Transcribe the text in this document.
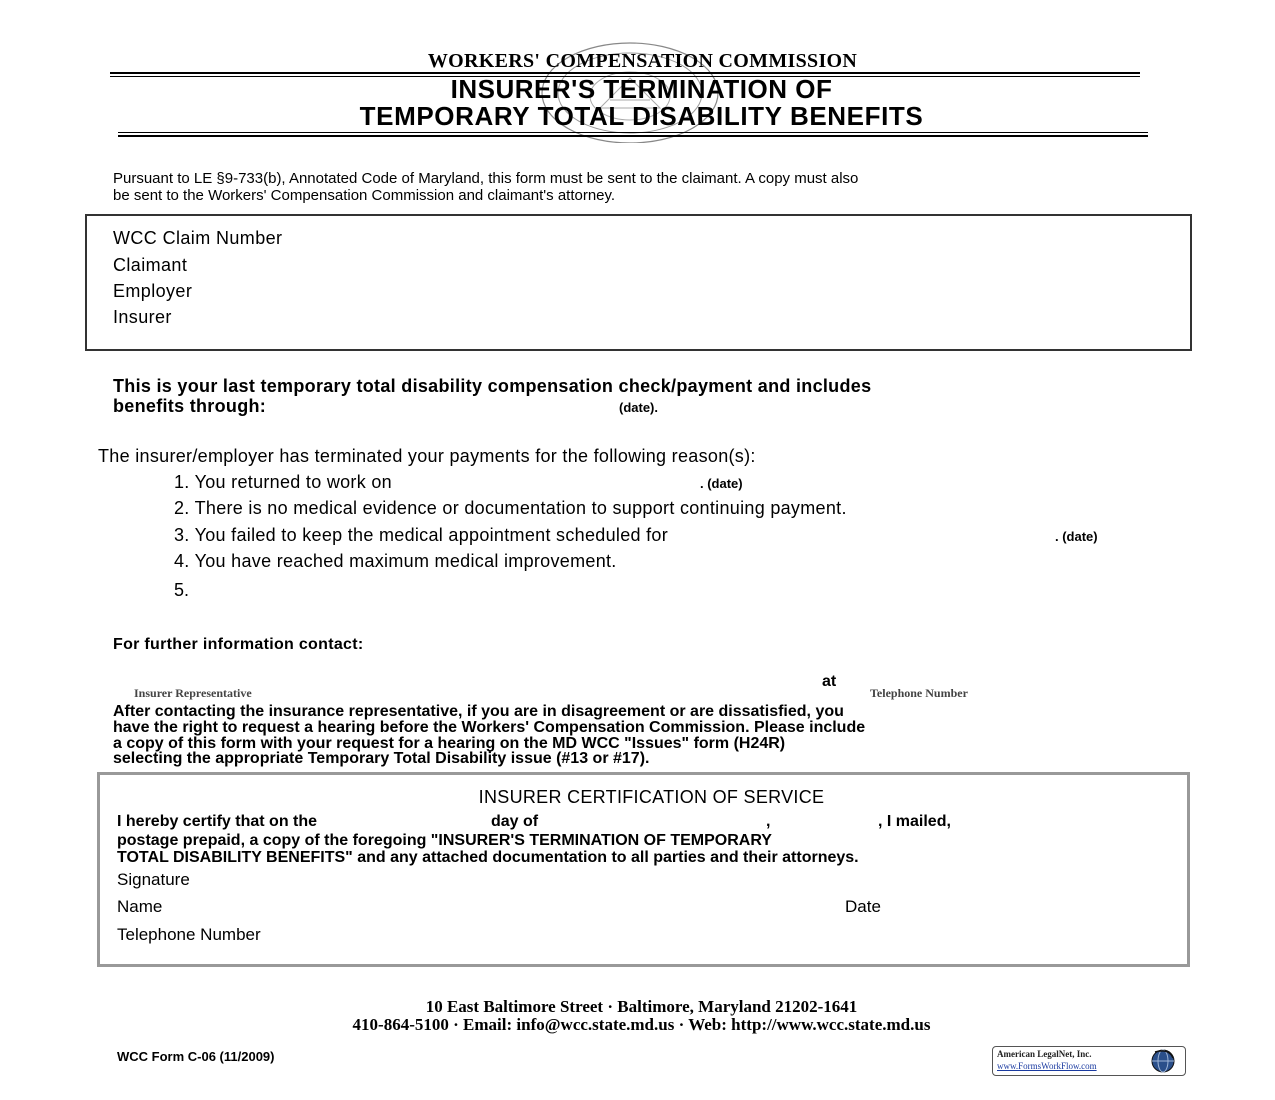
WORKERS' COMPENSATION COMMISSION
INSURER'S TERMINATION OF
TEMPORARY TOTAL DISABILITY BENEFITS
Pursuant to LE §9-733(b), Annotated Code of Maryland, this form must be sent to the claimant. A copy must also
be sent to the Workers' Compensation Commission and claimant's attorney.
WCC Claim Number
Claimant
Employer
Insurer
This is your last temporary total disability compensation check/payment and includes
benefits through:	(date).
The insurer/employer has terminated your payments for the following reason(s):
1. You returned to work on	. (date)
2. There is no medical evidence or documentation to support continuing payment.
3. You failed to keep the medical appointment scheduled for	. (date)
4. You have reached maximum medical improvement.
5.
For further information contact:
at
Insurer Representative	Telephone Number
After contacting the insurance representative, if you are in disagreement or are dissatisfied, you
have the right to request a hearing before the Workers' Compensation Commission. Please include
a copy of this form with your request for a hearing on the MD WCC "Issues" form (H24R)
selecting the appropriate Temporary Total Disability issue (#13 or #17).
INSURER CERTIFICATION OF SERVICE
I hereby certify that on the	day of	,	, I mailed,
postage prepaid, a copy of the foregoing "INSURER'S TERMINATION OF TEMPORARY
TOTAL DISABILITY BENEFITS" and any attached documentation to all parties and their attorneys.
Signature
Name	Date
Telephone Number
10 East Baltimore Street · Baltimore, Maryland 21202-1641
410-864-5100 · Email: info@wcc.state.md.us · Web: http://www.wcc.state.md.us
WCC Form C-06 (11/2009)	American LegalNet, Inc.
www.FormsWorkFlow.com
